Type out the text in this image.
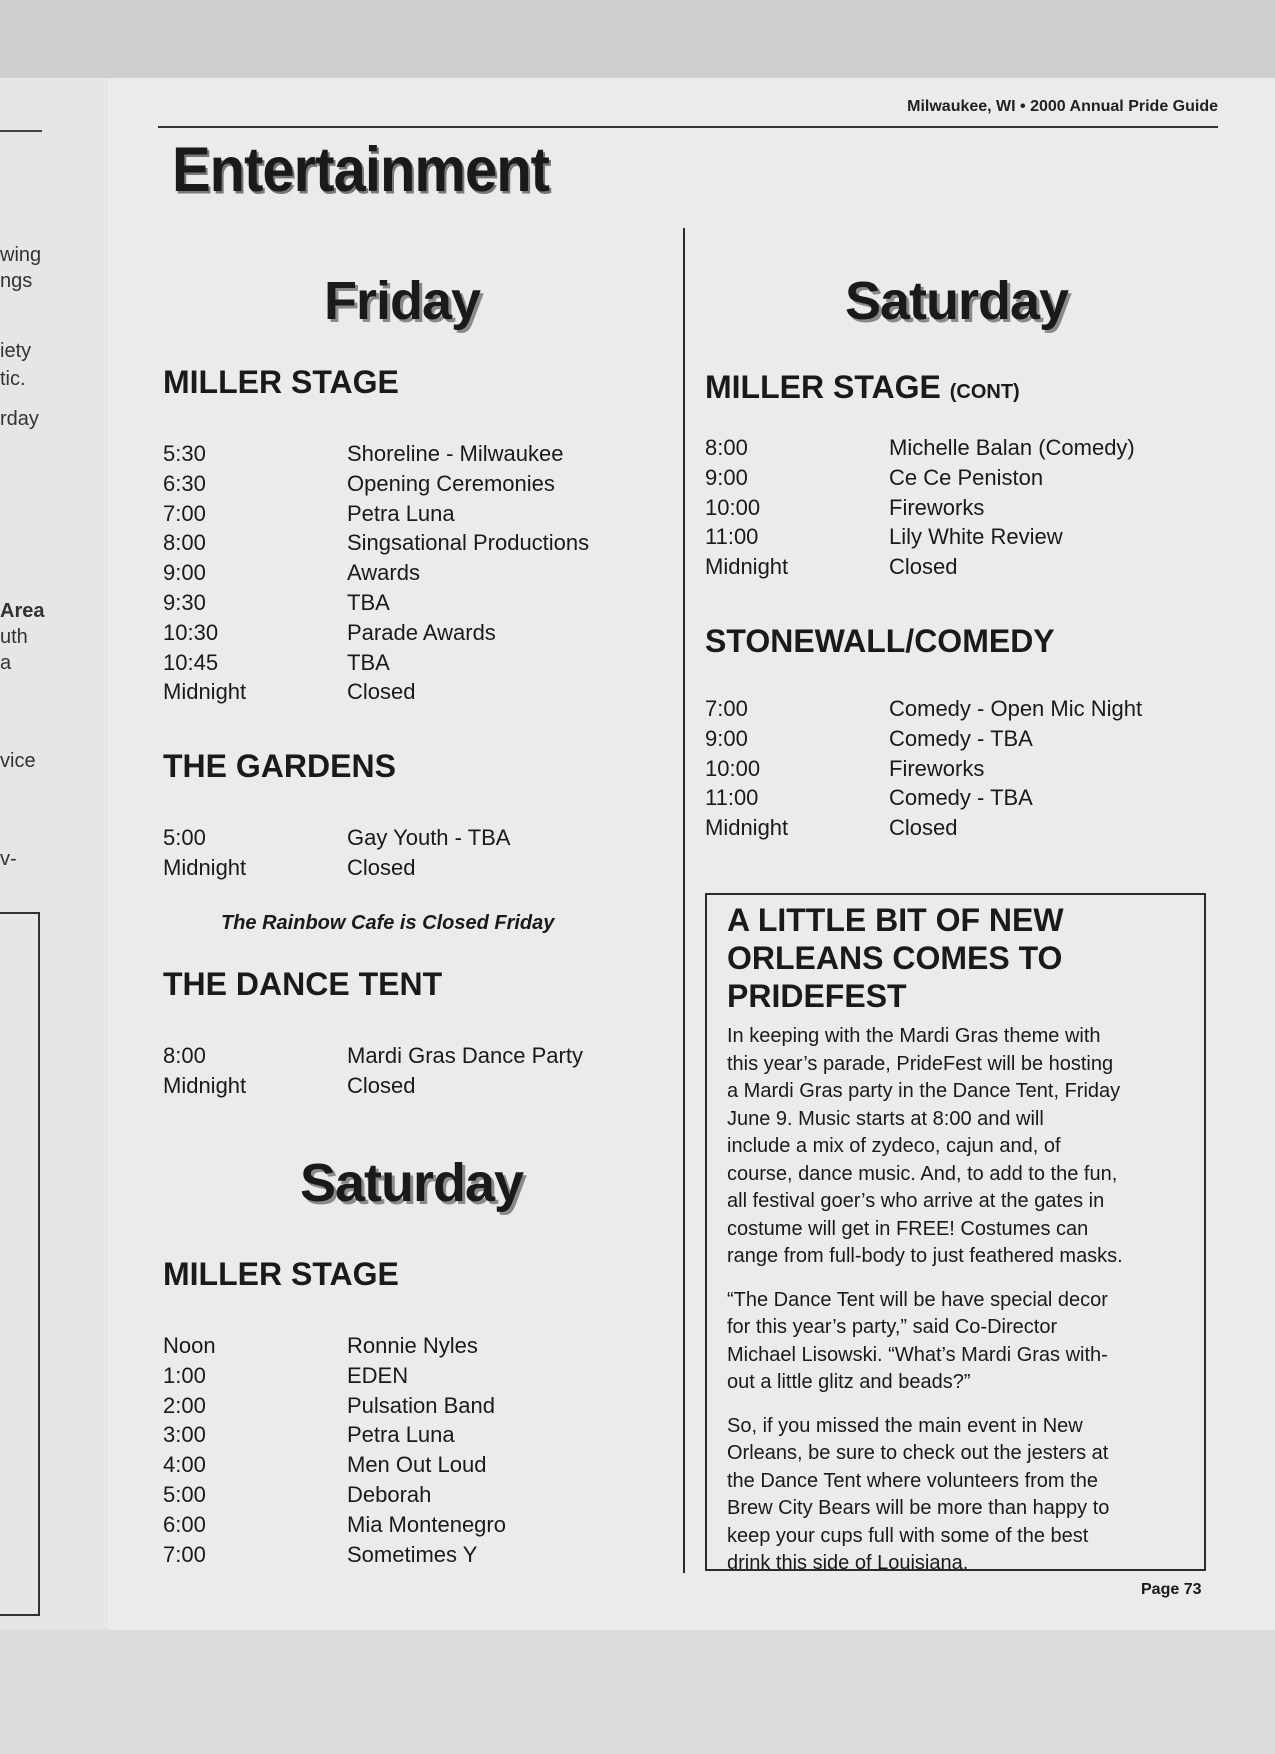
wing
ngs
iety
tic.
rday
Area
uth
a
vice
v-
Milwaukee, WI • 2000 Annual Pride Guide
Entertainment
Friday
MILLER STAGE
5:30	Shoreline - Milwaukee
6:30	Opening Ceremonies
7:00	Petra Luna
8:00	Singsational Productions
9:00	Awards
9:30	TBA
10:30	Parade Awards
10:45	TBA
Midnight	Closed
THE GARDENS
5:00	Gay Youth - TBA
Midnight	Closed
The Rainbow Cafe is Closed Friday
THE DANCE TENT
8:00	Mardi Gras Dance Party
Midnight	Closed
Saturday
MILLER STAGE
Noon	Ronnie Nyles
1:00	EDEN
2:00	Pulsation Band
3:00	Petra Luna
4:00	Men Out Loud
5:00	Deborah
6:00	Mia Montenegro
7:00	Sometimes Y
Saturday
MILLER STAGE (CONT)
8:00	Michelle Balan (Comedy)
9:00	Ce Ce Peniston
10:00	Fireworks
11:00	Lily White Review
Midnight	Closed
STONEWALL/COMEDY
7:00	Comedy - Open Mic Night
9:00	Comedy - TBA
10:00	Fireworks
11:00	Comedy - TBA
Midnight	Closed
A LITTLE BIT OF NEW
ORLEANS COMES TO
PRIDEFEST

In keeping with the Mardi Gras theme with
this year’s parade, PrideFest will be hosting
a Mardi Gras party in the Dance Tent, Friday
June 9. Music starts at 8:00 and will
include a mix of zydeco, cajun and, of
course, dance music. And, to add to the fun,
all festival goer’s who arrive at the gates in
costume will get in FREE! Costumes can
range from full-body to just feathered masks.

“The Dance Tent will be have special decor
for this year’s party,” said Co-Director
Michael Lisowski. “What’s Mardi Gras with-
out a little glitz and beads?”

So, if you missed the main event in New
Orleans, be sure to check out the jesters at
the Dance Tent where volunteers from the
Brew City Bears will be more than happy to
keep your cups full with some of the best
drink this side of Louisiana.

Page 73
